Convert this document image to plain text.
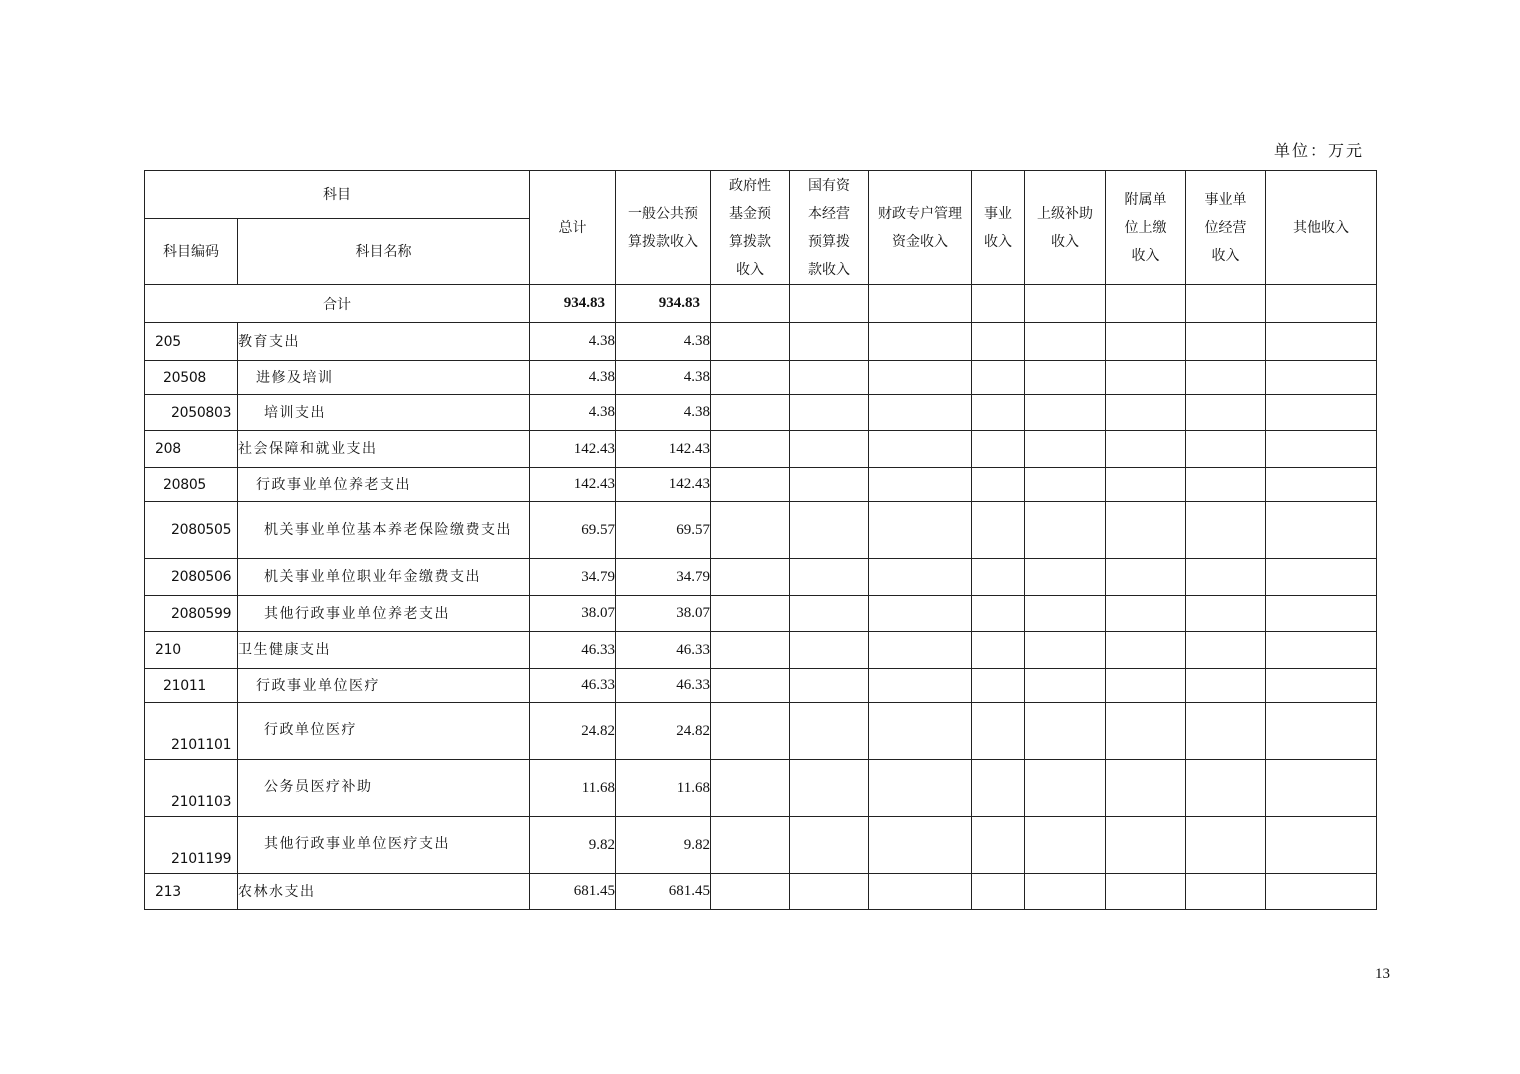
单位：万元
科目		总计	一般公共预算拨款收入	政府性基金预算拨款收入	国有资本经营预算拨款收入	财政专户管理资金收入	事业收入	上级补助收入	附属单位上缴收入	事业单位经营收入	其他收入
科目编码	科目名称										
合计		934.83	934.83								
205	教育支出	4.38	4.38								
20508	进修及培训	4.38	4.38								
2050803	培训支出	4.38	4.38								
208	社会保障和就业支出	142.43	142.43								
20805	行政事业单位养老支出	142.43	142.43								
2080505	机关事业单位基本养老保险缴费支出	69.57	69.57								
2080506	机关事业单位职业年金缴费支出	34.79	34.79								
2080599	其他行政事业单位养老支出	38.07	38.07								
210	卫生健康支出	46.33	46.33								
21011	行政事业单位医疗	46.33	46.33								
2101101	行政单位医疗	24.82	24.82								
2101103	公务员医疗补助	11.68	11.68								
2101199	其他行政事业单位医疗支出	9.82	9.82								
213	农林水支出	681.45	681.45								
13
